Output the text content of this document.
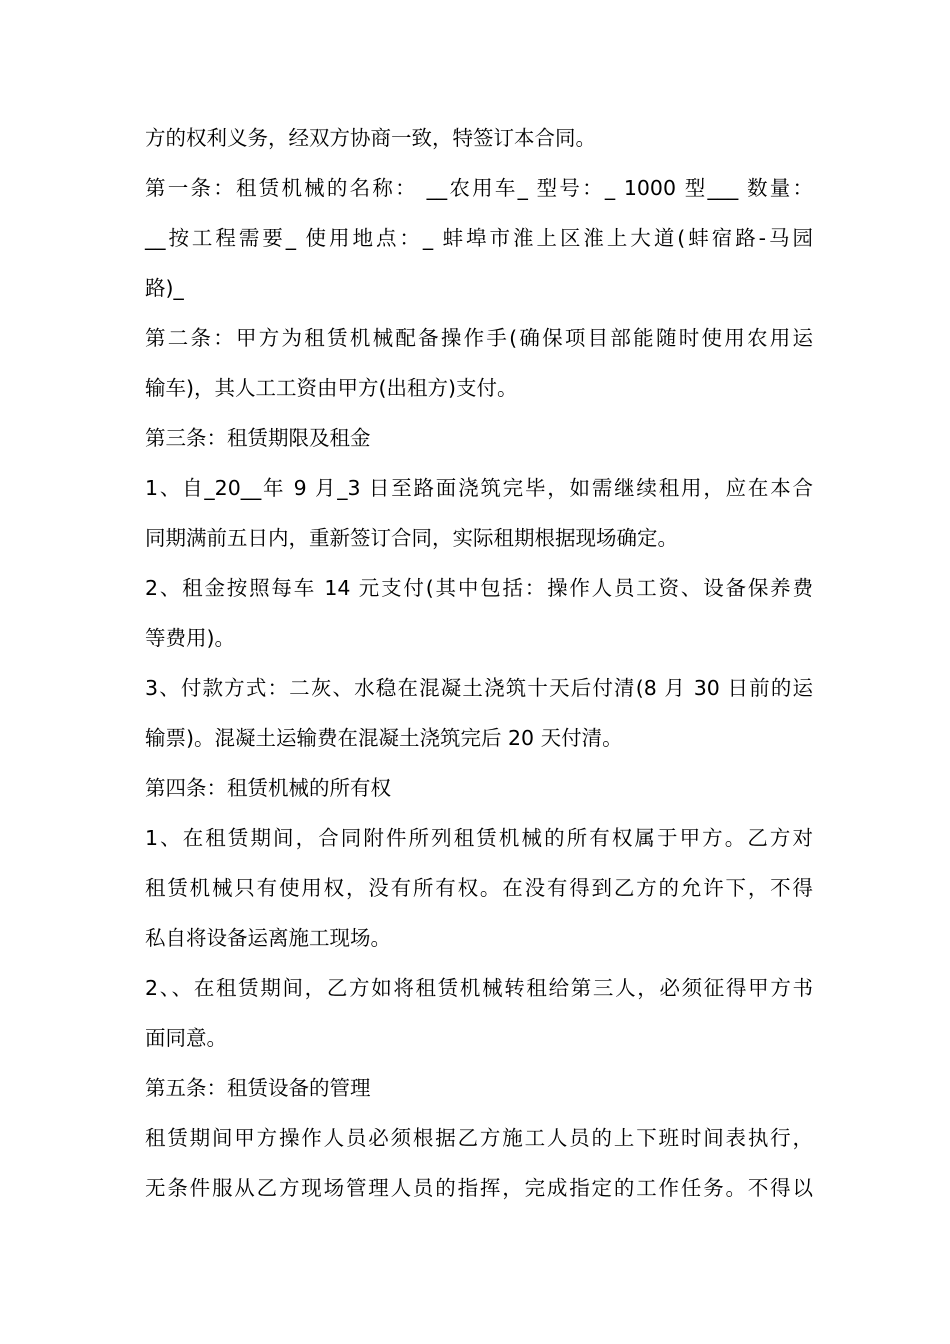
方的权利义务，经双方协商一致，特签订本合同。
第一条：租赁机械的名称： __农用车_ 型号：_ 1000 型___ 数量：
__按工程需要_ 使用地点：_ 蚌埠市淮上区淮上大道(蚌宿路-马园
路)_
第二条：甲方为租赁机械配备操作手(确保项目部能随时使用农用运
输车)，其人工工资由甲方(出租方)支付。
第三条：租赁期限及租金
1、自_20__年 9 月_3 日至路面浇筑完毕，如需继续租用，应在本合
同期满前五日内，重新签订合同，实际租期根据现场确定。
2、租金按照每车 14 元支付(其中包括：操作人员工资、设备保养费
等费用)。
3、付款方式：二灰、水稳在混凝土浇筑十天后付清(8 月 30 日前的运
输票)。混凝土运输费在混凝土浇筑完后 20 天付清。
第四条：租赁机械的所有权
1、在租赁期间，合同附件所列租赁机械的所有权属于甲方。乙方对
租赁机械只有使用权，没有所有权。在没有得到乙方的允许下，不得
私自将设备运离施工现场。
2、、在租赁期间，乙方如将租赁机械转租给第三人，必须征得甲方书
面同意。
第五条：租赁设备的管理
租赁期间甲方操作人员必须根据乙方施工人员的上下班时间表执行，
无条件服从乙方现场管理人员的指挥，完成指定的工作任务。不得以
